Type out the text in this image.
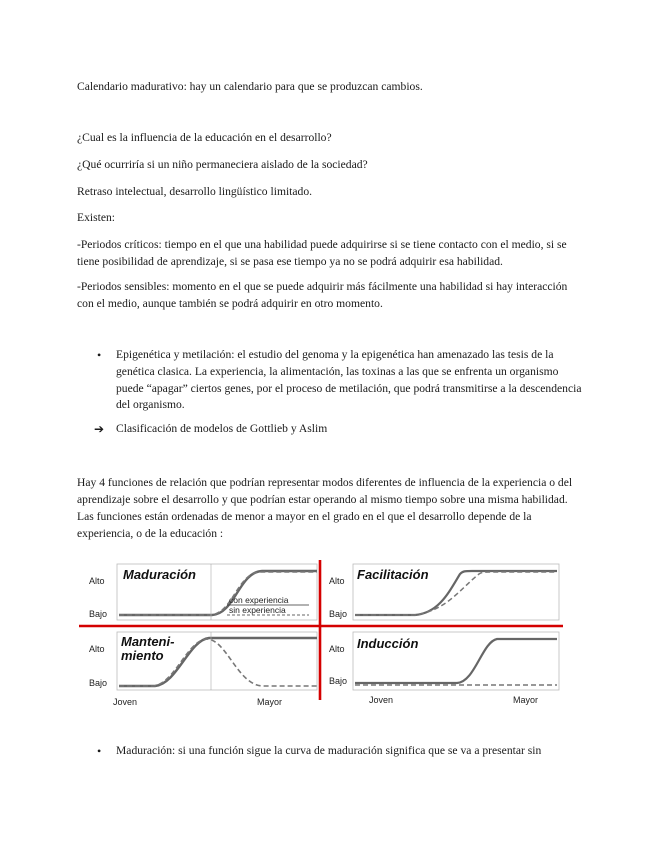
Calendario madurativo: hay un calendario para que se produzcan cambios.

¿Cual es la influencia de la educación en el desarrollo?

¿Qué ocurriría si un niño permaneciera aislado de la sociedad?

Retraso intelectual, desarrollo lingüístico limitado.

Existen:

-Periodos críticos: tiempo en el que una habilidad puede adquirirse si se tiene contacto con el medio, si se tiene posibilidad de aprendizaje, si se pasa ese tiempo ya no se podrá adquirir esa habilidad.

-Periodos sensibles: momento en el que se puede adquirir más fácilmente una habilidad si hay interacción con el medio, aunque también se podrá adquirir en otro momento.

• Epigenética y metilación: el estudio del genoma y la epigenética han amenazado las tesis de la genética clasica. La experiencia, la alimentación, las toxinas a las que se enfrenta un organismo puede “apagar” ciertos genes, por el proceso de metilación, que podrá transmitirse a la descendencia del organismo.

➔ Clasificación de modelos de Gottlieb y Aslim

Hay 4 funciones de relación que podrían representar modos diferentes de influencia de la experiencia o del aprendizaje sobre el desarrollo y que podrían estar operando al mismo tiempo sobre una misma habilidad. Las funciones están ordenadas de menor a mayor en el grado en el que el desarrollo depende de la experiencia, o de la educación :

Maduración
Alto
Bajo
con experiencia
sin experiencia
Facilitación
Alto
Bajo
Manteni-
miento
Alto
Bajo
Joven	Mayor
Inducción
Alto
Bajo
Joven	Mayor
• Maduración: si una función sigue la curva de maduración significa que se va a presentar sin
